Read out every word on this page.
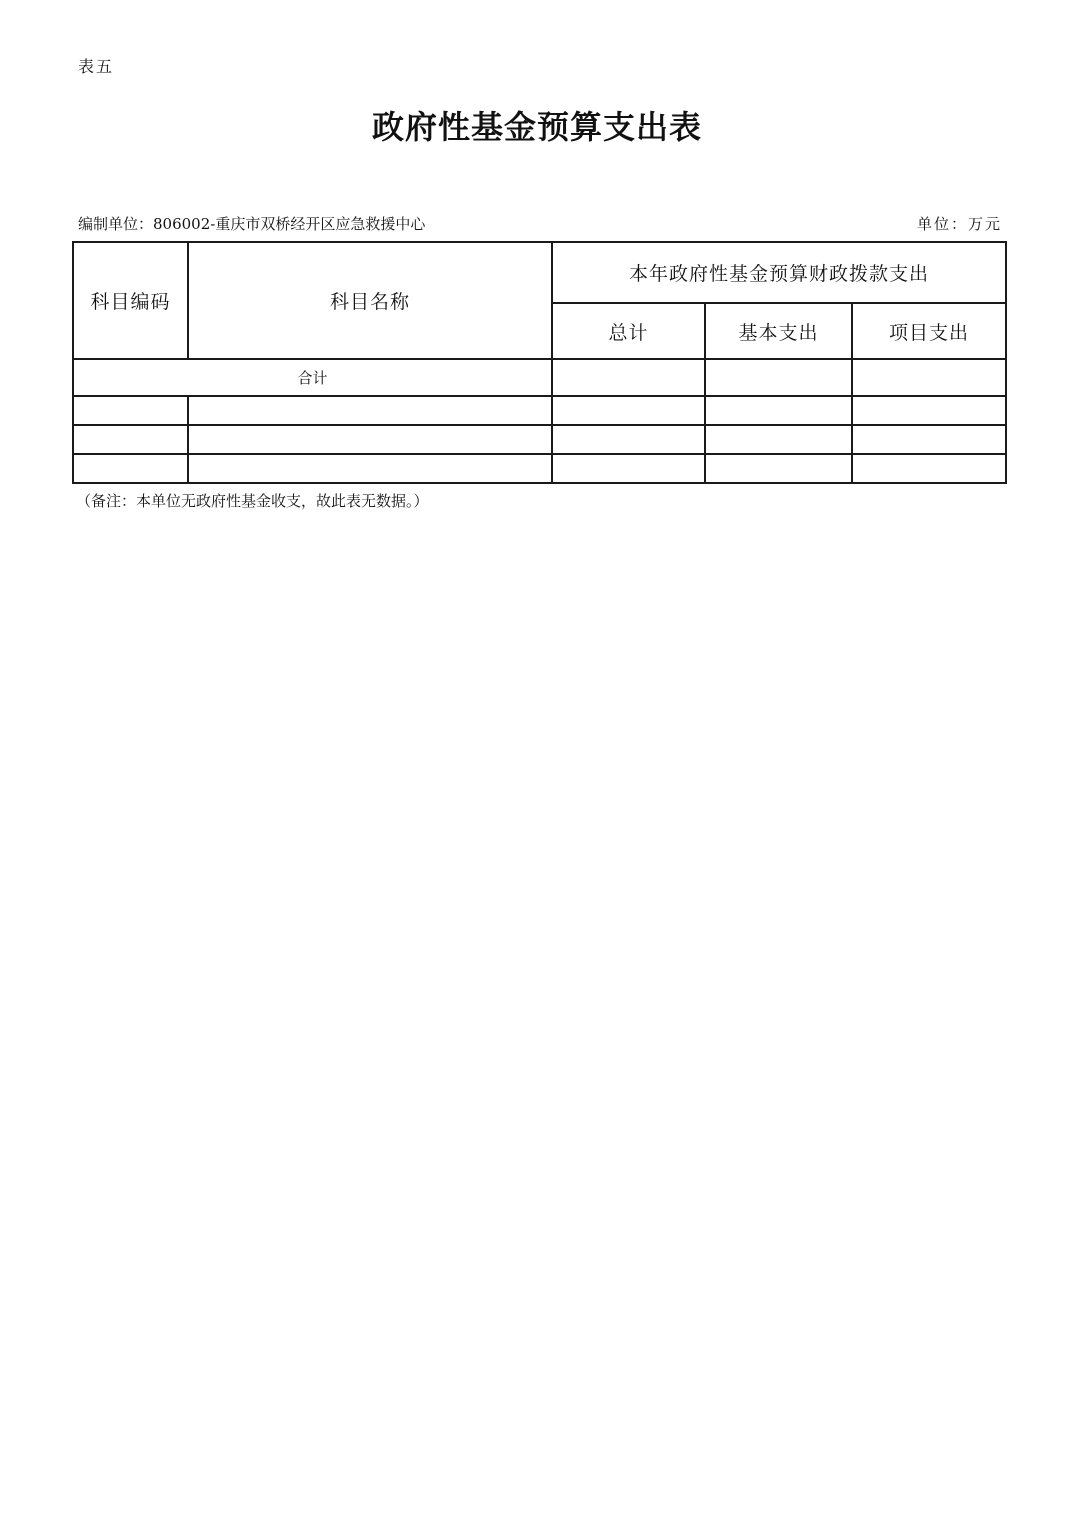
表五
政府性基金预算支出表
编制单位：806002-重庆市双桥经开区应急救援中心	单位：万元
科目编码	科目名称	本年政府性基金预算财政拨款支出		
		总计	基本支出	项目支出
合计				

（备注：本单位无政府性基金收支，故此表无数据。）
